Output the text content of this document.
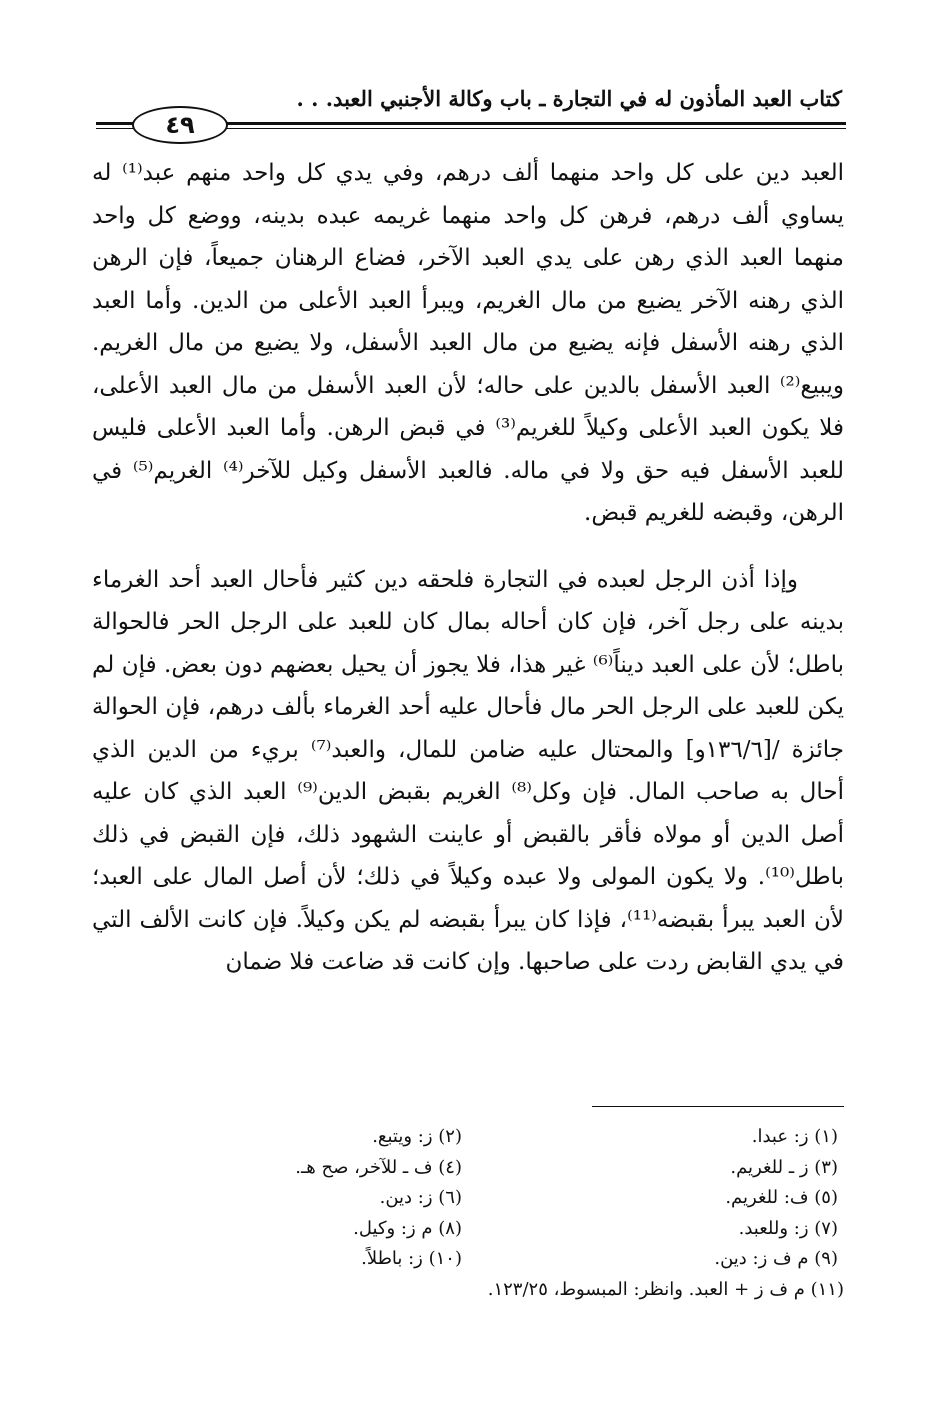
كتاب العبد المأذون له في التجارة ـ باب وكالة الأجنبي العبد. . .
٤٩

العبد دين على كل واحد منهما ألف درهم، وفي يدي كل واحد منهم عبد⁽¹⁾ له يساوي ألف درهم، فرهن كل واحد منهما غريمه عبده بدينه، ووضع كل واحد منهما العبد الذي رهن على يدي العبد الآخر، فضاع الرهنان جميعاً، فإن الرهن الذي رهنه الآخر يضيع من مال الغريم، ويبرأ العبد الأعلى من الدين. وأما العبد الذي رهنه الأسفل فإنه يضيع من مال العبد الأسفل، ولا يضيع من مال الغريم. ويبيع⁽²⁾ العبد الأسفل بالدين على حاله؛ لأن العبد الأسفل من مال العبد الأعلى، فلا يكون العبد الأعلى وكيلاً للغريم⁽³⁾ في قبض الرهن. وأما العبد الأعلى فليس للعبد الأسفل فيه حق ولا في ماله. فالعبد الأسفل وكيل للآخر⁽⁴⁾ الغريم⁽⁵⁾ في الرهن، وقبضه للغريم قبض.

وإذا أذن الرجل لعبده في التجارة فلحقه دين كثير فأحال العبد أحد الغرماء بدينه على رجل آخر، فإن كان أحاله بمال كان للعبد على الرجل الحر فالحوالة باطل؛ لأن على العبد ديناً⁽⁶⁾ غير هذا، فلا يجوز أن يحيل بعضهم دون بعض. فإن لم يكن للعبد على الرجل الحر مال فأحال عليه أحد الغرماء بألف درهم، فإن الحوالة جائزة /[١٣٦/٦و] والمحتال عليه ضامن للمال، والعبد⁽⁷⁾ بريء من الدين الذي أحال به صاحب المال. فإن وكل⁽⁸⁾ الغريم بقبض الدين⁽⁹⁾ العبد الذي كان عليه أصل الدين أو مولاه فأقر بالقبض أو عاينت الشهود ذلك، فإن القبض في ذلك باطل⁽¹⁰⁾. ولا يكون المولى ولا عبده وكيلاً في ذلك؛ لأن أصل المال على العبد؛ لأن العبد يبرأ بقبضه⁽¹¹⁾، فإذا كان يبرأ بقبضه لم يكن وكيلاً. فإن كانت الألف التي في يدي القابض ردت على صاحبها. وإن كانت قد ضاعت فلا ضمان

(١) ز: عبدا.
(٢) ز: ويتبع.
(٣) ز ـ للغريم.
(٤) ف ـ للآخر، صح هـ.
(٥) ف: للغريم.
(٦) ز: دين.
(٧) ز: وللعبد.
(٨) م ز: وكيل.
(٩) م ف ز: دين.
(١٠) ز: باطلاً.
(١١) م ف ز + العبد. وانظر: المبسوط، ١٢٣/٢٥.
